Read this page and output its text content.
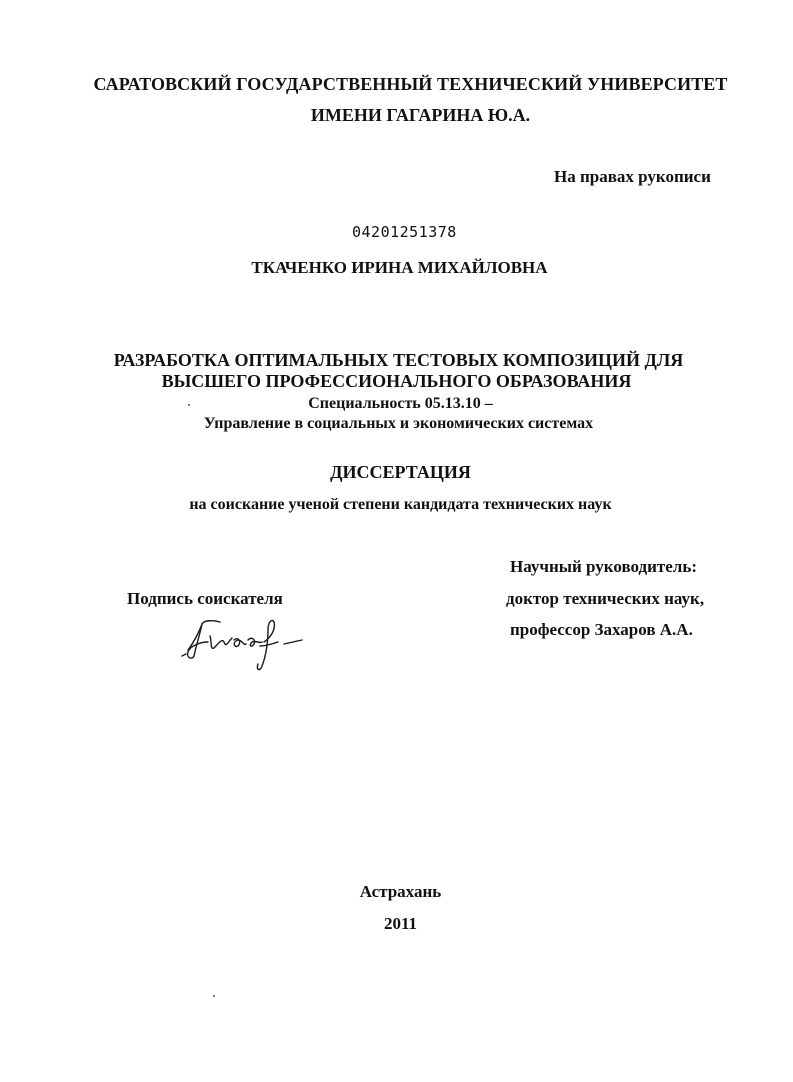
САРАТОВСКИЙ ГОСУДАРСТВЕННЫЙ ТЕХНИЧЕСКИЙ УНИВЕРСИТЕТ
ИМЕНИ ГАГАРИНА Ю.А.
На правах рукописи
04201251378
ТКАЧЕНКО ИРИНА МИХАЙЛОВНА
РАЗРАБОТКА ОПТИМАЛЬНЫХ ТЕСТОВЫХ КОМПОЗИЦИЙ ДЛЯ
ВЫСШЕГО ПРОФЕССИОНАЛЬНОГО ОБРАЗОВАНИЯ
Специальность 05.13.10 –
Управление в социальных и экономических системах
ДИССЕРТАЦИЯ
на соискание ученой степени кандидата технических наук
Научный руководитель:
Подпись соискателя	доктор технических наук,
профессор Захаров А.А.
Астрахань
2011
